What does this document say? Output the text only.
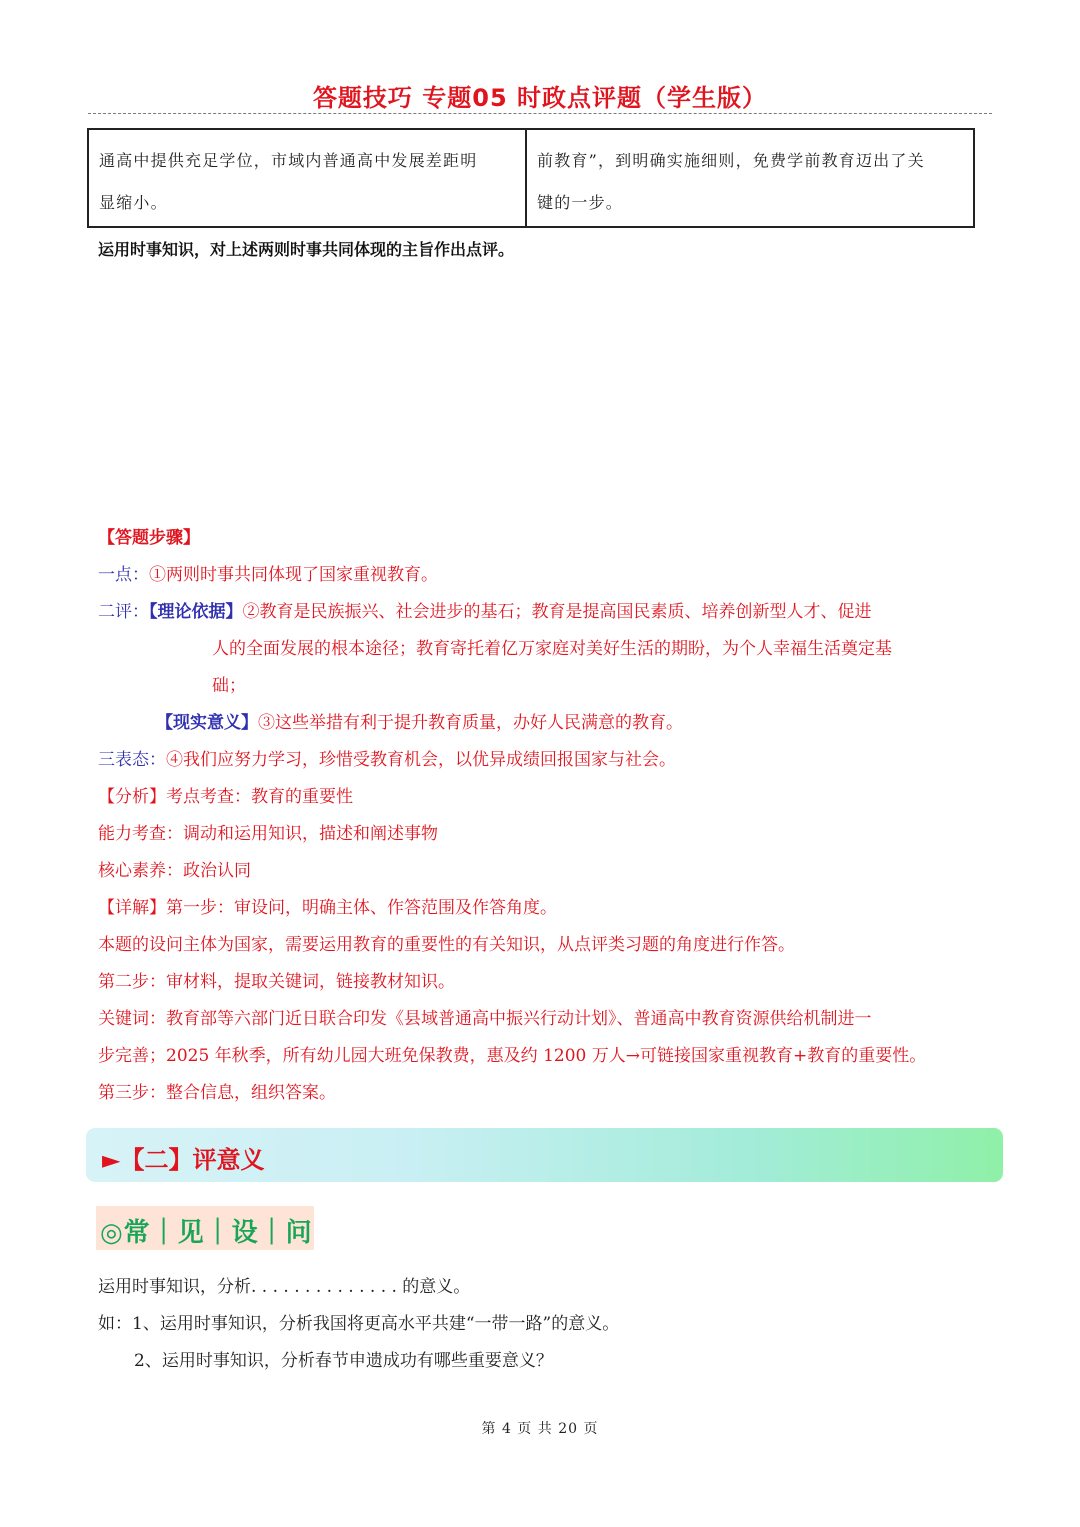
答题技巧 专题05 时政点评题（学生版）
通高中提供充足学位，市域内普通高中发展差距明
显缩小。
前教育”，到明确实施细则，免费学前教育迈出了关
键的一步。
运用时事知识，对上述两则时事共同体现的主旨作出点评。
【答题步骤】
一点：①两则时事共同体现了国家重视教育。
二评：【理论依据】②教育是民族振兴、社会进步的基石；教育是提高国民素质、培养创新型人才、促进
人的全面发展的根本途径；教育寄托着亿万家庭对美好生活的期盼，为个人幸福生活奠定基
础；
【现实意义】③这些举措有利于提升教育质量，办好人民满意的教育。
三表态：④我们应努力学习，珍惜受教育机会，以优异成绩回报国家与社会。
【分析】考点考查：教育的重要性
能力考查：调动和运用知识，描述和阐述事物
核心素养：政治认同
【详解】第一步：审设问，明确主体、作答范围及作答角度。
本题的设问主体为国家，需要运用教育的重要性的有关知识，从点评类习题的角度进行作答。
第二步：审材料，提取关键词，链接教材知识。
关键词：教育部等六部门近日联合印发《县域普通高中振兴行动计划》、普通高中教育资源供给机制进一
步完善；2025 年秋季，所有幼儿园大班免保教费，惠及约 1200 万人→可链接国家重视教育+教育的重要性。
第三步：整合信息，组织答案。
►【二】评意义
◎常｜见｜设｜问
运用时事知识，分析. . . . . . . . . . . . . . 的意义。
如：1、运用时事知识，分析我国将更高水平共建“一带一路”的意义。
2、运用时事知识，分析春节申遗成功有哪些重要意义？
第 4 页 共 20 页
